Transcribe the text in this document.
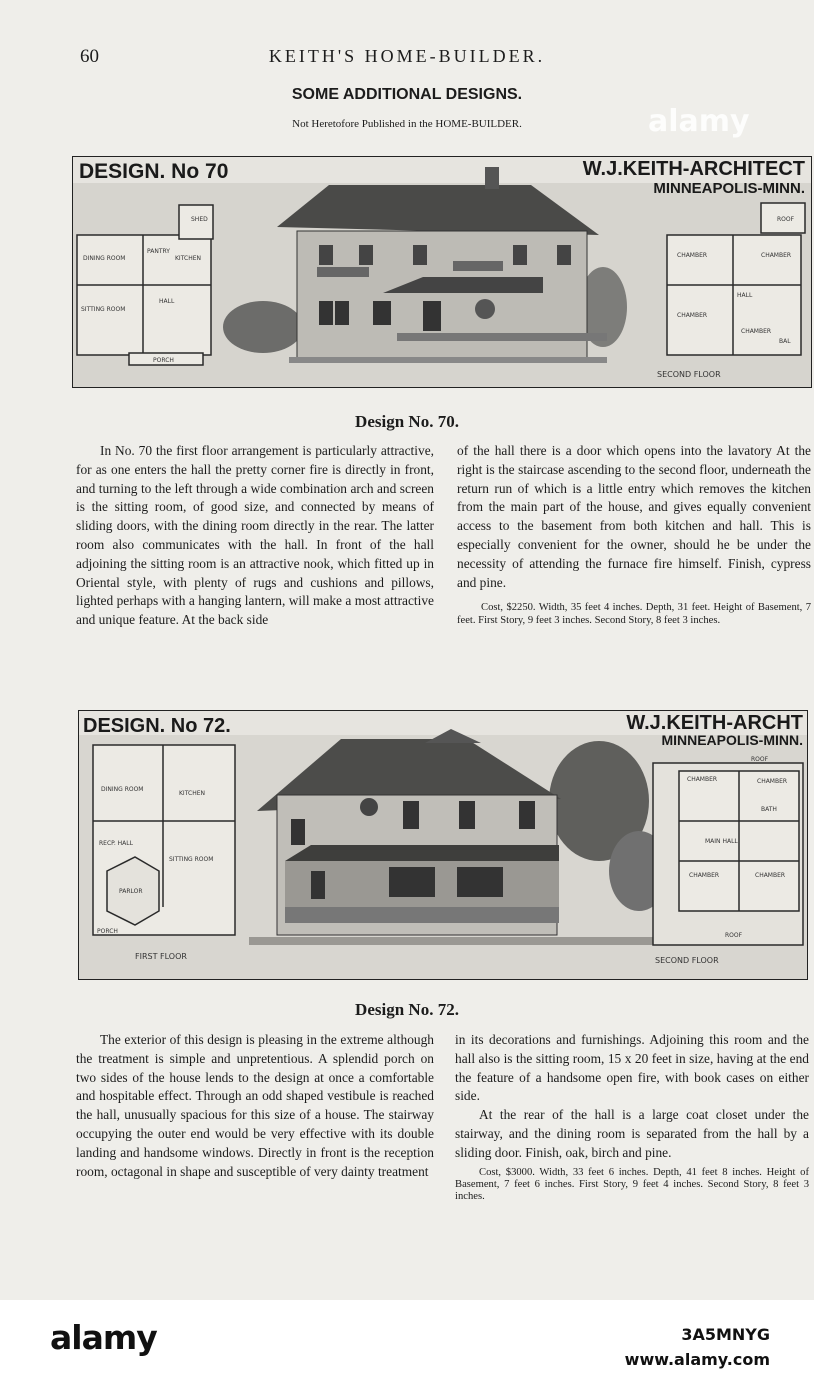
60	KEITH'S HOME-BUILDER.
SOME ADDITIONAL DESIGNS.
Not Heretofore Published in the HOME-BUILDER.
DESIGN. No 70	W.J.KEITH-ARCHITECT
MINNEAPOLIS-MINN.
SHED
DINING ROOM
PANTRY
KITCHEN
HALL
SITTING ROOM
PORCH
ROOF
CHAMBER	CHAMBER
HALL
CHAMBER
CHAMBER
BAL
SECOND FLOOR
Design No. 70.

In No. 70 the first floor arrangement is particularly attractive, for as one enters the hall the pretty corner fire is directly in front, and turning to the left through a wide combination arch and screen is the sitting room, of good size, and connected by means of sliding doors, with the dining room directly in the rear. The latter room also communicates with the hall. In front of the hall adjoining the sitting room is an attractive nook, which fitted up in Oriental style, with plenty of rugs and cushions and pillows, lighted perhaps with a hanging lantern, will make a most attractive and unique feature. At the back side

of the hall there is a door which opens into the lavatory At the right is the staircase ascending to the second floor, underneath the return run of which is a little entry which removes the kitchen from the main part of the house, and gives equally convenient access to the basement from both kitchen and hall. This is especially convenient for the owner, should he be under the necessity of attending the furnace fire himself. Finish, cypress and pine.

Cost, $2250. Width, 35 feet 4 inches. Depth, 31 feet. Height of Basement, 7 feet. First Story, 9 feet 3 inches. Second Story, 8 feet 3 inches.

DESIGN. No 72.	W.J.KEITH-ARCHT
MINNEAPOLIS-MINN.
DINING ROOM
KITCHEN
RECP. HALL
SITTING ROOM
PARLOR
PORCH
FIRST FLOOR
ROOF
CHAMBER	CHAMBER
BATH
MAIN HALL
CHAMBER	CHAMBER
ROOF
SECOND FLOOR
Design No. 72.

The exterior of this design is pleasing in the extreme although the treatment is simple and unpretentious. A splendid porch on two sides of the house lends to the design at once a comfortable and hospitable effect. Through an odd shaped vestibule is reached the hall, unusually spacious for this size of a house. The stairway occupying the outer end would be very effective with its double landing and handsome windows. Directly in front is the reception room, octagonal in shape and susceptible of very dainty treatment

in its decorations and furnishings. Adjoining this room and the hall also is the sitting room, 15 x 20 feet in size, having at the end the feature of a handsome open fire, with book cases on either side.

At the rear of the hall is a large coat closet under the stairway, and the dining room is separated from the hall by a sliding door. Finish, oak, birch and pine.

Cost, $3000. Width, 33 feet 6 inches. Depth, 41 feet 8 inches. Height of Basement, 7 feet 6 inches. First Story, 9 feet 4 inches. Second Story, 8 feet 3 inches.

alamy
alamy	3A5MNYG
www.alamy.com
